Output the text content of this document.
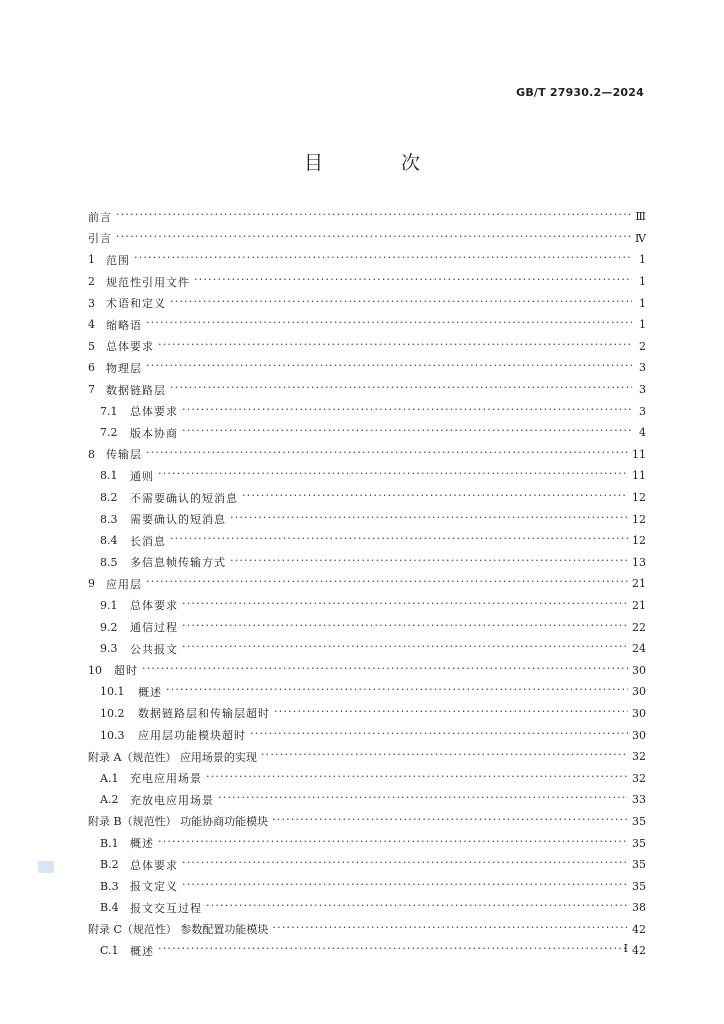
GB/T 27930.2—2024
目 次
前言 ·····	Ⅲ
引言 ·····	Ⅳ
1	范围 ·····	1
2	规范性引用文件 ·····	1
3	术语和定义 ·····	1
4	缩略语 ·····	1
5	总体要求 ·····	2
6	物理层 ·····	3
7	数据链路层 ·····	3
7.1	总体要求 ·····	3
7.2	版本协商 ·····	4
8	传输层 ·····	11
8.1	通则 ·····	11
8.2	不需要确认的短消息 ·····	12
8.3	需要确认的短消息 ·····	12
8.4	长消息 ·····	12
8.5	多信息帧传输方式 ·····	13
9	应用层 ·····	21
9.1	总体要求 ·····	21
9.2	通信过程 ·····	22
9.3	公共报文 ·····	24
10	超时 ·····	30
10.1	概述 ·····	30
10.2	数据链路层和传输层超时 ·····	30
10.3	应用层功能模块超时 ·····	30
附录 A（规范性） 应用场景的实现 ·····	32
A.1	充电应用场景 ·····	32
A.2	充放电应用场景 ·····	33
附录 B（规范性） 功能协商功能模块 ·····	35
B.1	概述 ·····	35
B.2	总体要求 ·····	35
B.3	报文定义 ·····	35
B.4	报文交互过程 ·····	38
附录 C（规范性） 参数配置功能模块 ·····	42
C.1	概述 ·····	42
I
